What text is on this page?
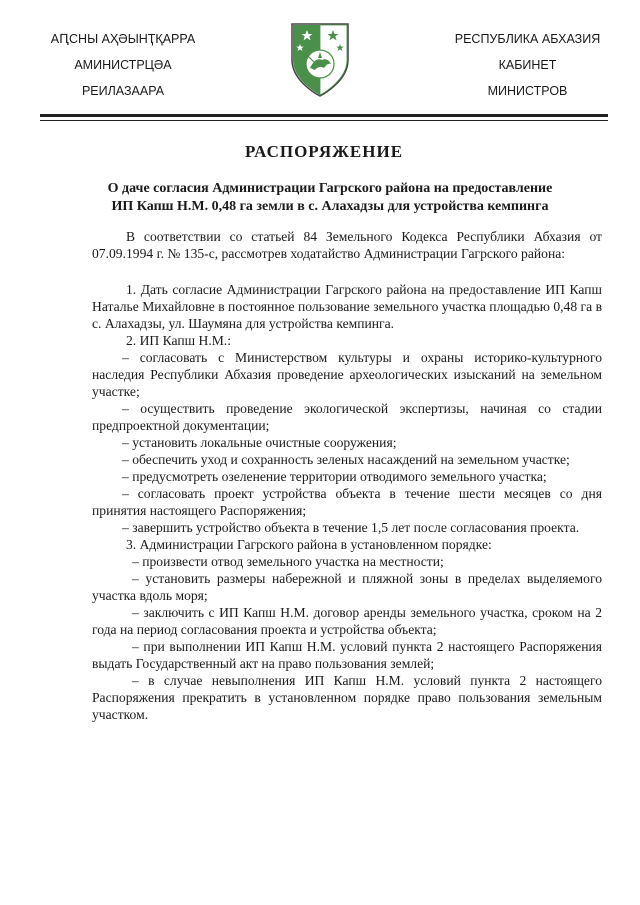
АԤСНЫ АҲӘЫНҬҚАРРА
АМИНИСТРЦӘА
РЕИЛАЗААРА
РЕСПУБЛИКА АБХАЗИЯ
КАБИНЕТ
МИНИСТРОВ
РАСПОРЯЖЕНИЕ
О даче согласия Администрации Гагрского района на предоставление
ИП Капш Н.М. 0,48 га земли в с. Алахадзы для устройства кемпинга

В соответствии со статьей 84 Земельного Кодекса Республики Абхазия от 07.09.1994 г. № 135-с, рассмотрев ходатайство Администрации Гагрского района:

1. Дать согласие Администрации Гагрского района на предоставление ИП Капш Наталье Михайловне в постоянное пользование земельного участка площадью 0,48 га в с. Алахадзы, ул. Шаумяна для устройства кемпинга.

2. ИП Капш Н.М.:

– согласовать с Министерством культуры и охраны историко-культурного наследия Республики Абхазия проведение археологических изысканий на земельном участке;

– осуществить проведение экологической экспертизы, начиная со стадии предпроектной документации;

– установить локальные очистные сооружения;

– обеспечить уход и сохранность зеленых насаждений на земельном участке;

– предусмотреть озеленение территории отводимого земельного участка;

– согласовать проект устройства объекта в течение шести месяцев со дня принятия настоящего Распоряжения;

– завершить устройство объекта в течение 1,5 лет после согласования проекта.

3. Администрации Гагрского района в установленном порядке:

– произвести отвод земельного участка на местности;

– установить размеры набережной и пляжной зоны в пределах выделяемого участка вдоль моря;

– заключить с ИП Капш Н.М. договор аренды земельного участка, сроком на 2 года на период согласования проекта и устройства объекта;

– при выполнении ИП Капш Н.М. условий пункта 2 настоящего Распоряжения выдать Государственный акт на право пользования землей;

– в случае невыполнения ИП Капш Н.М. условий пункта 2 настоящего Распоряжения прекратить в установленном порядке право пользования земельным участком.
